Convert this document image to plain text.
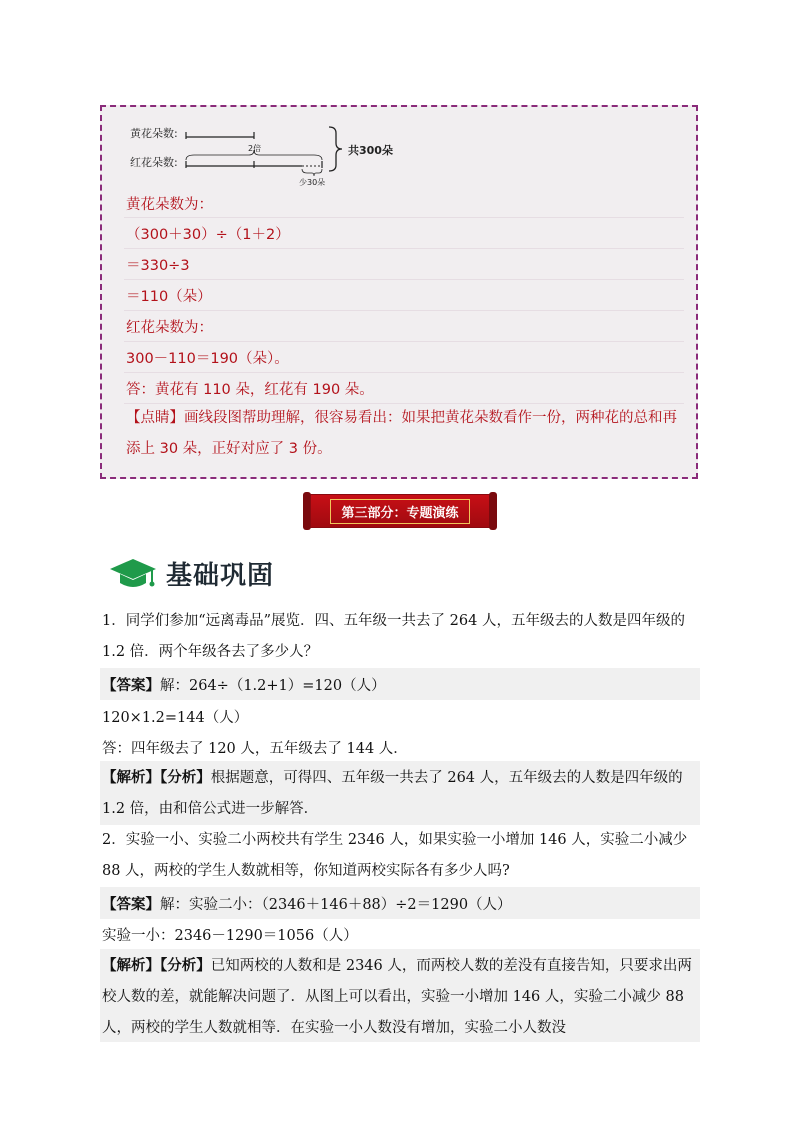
黄花朵数:
红花朵数:
2倍
少30朵
共300朵
黄花朵数为：
（300＋30）÷（1＋2）
＝330÷3
＝110（朵）
红花朵数为：
300－110＝190（朵）。
答：黄花有 110 朵，红花有 190 朵。
【点睛】画线段图帮助理解，很容易看出：如果把黄花朵数看作一份，两种花的总和再添上 30 朵，正好对应了 3 份。
第三部分：专题演练
基础巩固
1．同学们参加“远离毒品”展览．四、五年级一共去了 264 人，五年级去的人数是四年级的 1.2 倍．两个年级各去了多少人？
【答案】解：264÷（1.2+1）=120（人）
120×1.2=144（人）
答：四年级去了 120 人，五年级去了 144 人．
【解析】【分析】根据题意，可得四、五年级一共去了 264 人，五年级去的人数是四年级的 1.2 倍，由和倍公式进一步解答．
2．实验一小、实验二小两校共有学生 2346 人，如果实验一小增加 146 人，实验二小减少 88 人，两校的学生人数就相等，你知道两校实际各有多少人吗?
【答案】解：实验二小：（2346＋146＋88）÷2＝1290（人）
实验一小：2346－1290＝1056（人）
【解析】【分析】已知两校的人数和是 2346 人，而两校人数的差没有直接告知，只要求出两校人数的差，就能解决问题了．从图上可以看出，实验一小增加 146 人，实验二小减少 88 人，两校的学生人数就相等．在实验一小人数没有增加，实验二小人数没
